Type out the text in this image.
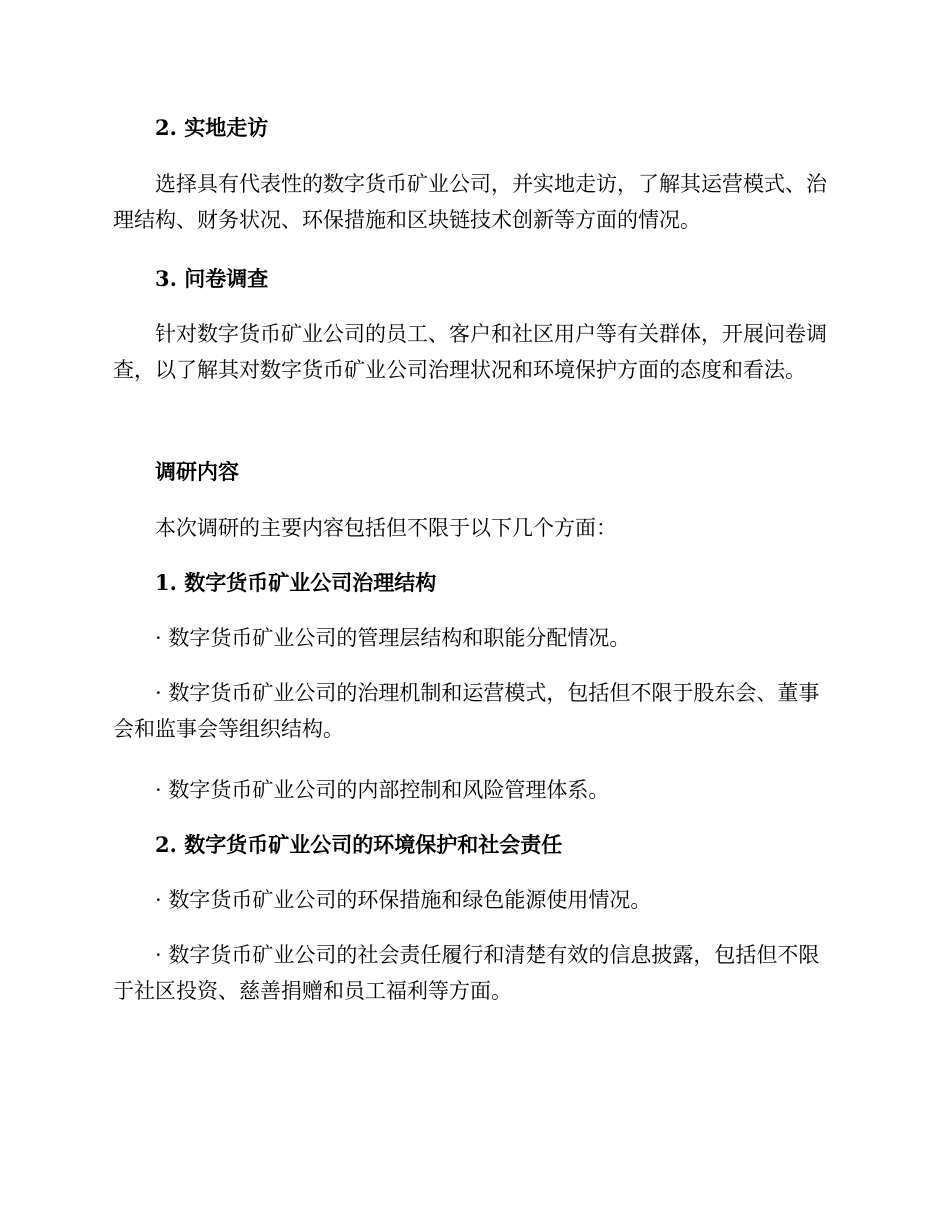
2. 实地走访

选择具有代表性的数字货币矿业公司，并实地走访，了解其运营模式、治理结构、财务状况、环保措施和区块链技术创新等方面的情况。

3. 问卷调查

针对数字货币矿业公司的员工、客户和社区用户等有关群体，开展问卷调查，以了解其对数字货币矿业公司治理状况和环境保护方面的态度和看法。

调研内容

本次调研的主要内容包括但不限于以下几个方面：

1. 数字货币矿业公司治理结构

· 数字货币矿业公司的管理层结构和职能分配情况。

· 数字货币矿业公司的治理机制和运营模式，包括但不限于股东会、董事会和监事会等组织结构。

· 数字货币矿业公司的内部控制和风险管理体系。

2. 数字货币矿业公司的环境保护和社会责任

· 数字货币矿业公司的环保措施和绿色能源使用情况。

· 数字货币矿业公司的社会责任履行和清楚有效的信息披露，包括但不限于社区投资、慈善捐赠和员工福利等方面。
